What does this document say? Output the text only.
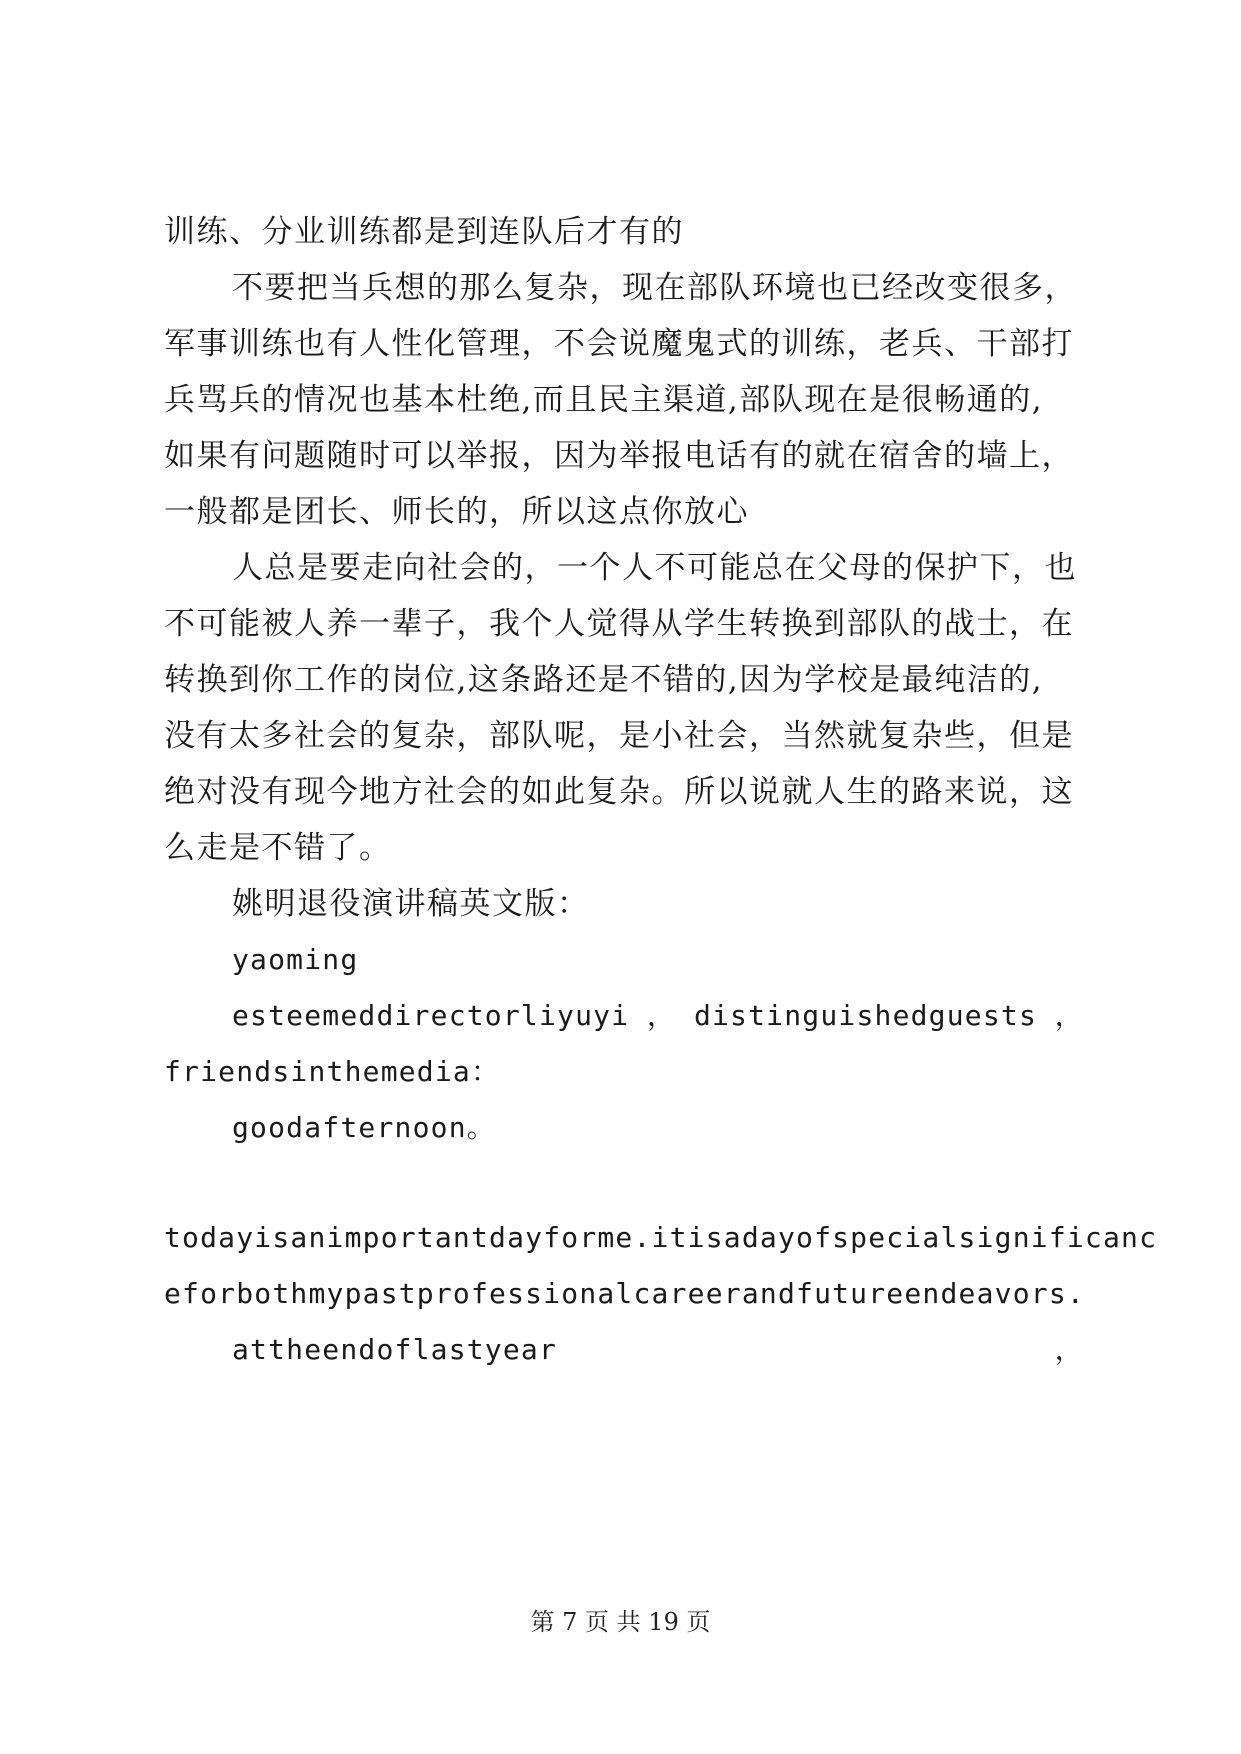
训练、分业训练都是到连队后才有的
不要把当兵想的那么复杂，现在部队环境也已经改变很多，
军事训练也有人性化管理，不会说魔鬼式的训练，老兵、干部打
兵骂兵的情况也基本杜绝,而且民主渠道,部队现在是很畅通的,
如果有问题随时可以举报，因为举报电话有的就在宿舍的墙上，
一般都是团长、师长的，所以这点你放心
人总是要走向社会的，一个人不可能总在父母的保护下，也
不可能被人养一辈子，我个人觉得从学生转换到部队的战士，在
转换到你工作的岗位,这条路还是不错的,因为学校是最纯洁的,
没有太多社会的复杂，部队呢，是小社会，当然就复杂些，但是
绝对没有现今地方社会的如此复杂。所以说就人生的路来说，这
么走是不错了。
姚明退役演讲稿英文版：
yaoming
esteemeddirectorliyuyi ， distinguishedguests ，
friendsinthemedia：
goodafternoon。
todayisanimportantdayforme.itisadayofspecialsignificanc
eforbothmypastprofessionalcareerandfutureendeavors.
attheendoflastyear	，
第 7 页 共 19 页
